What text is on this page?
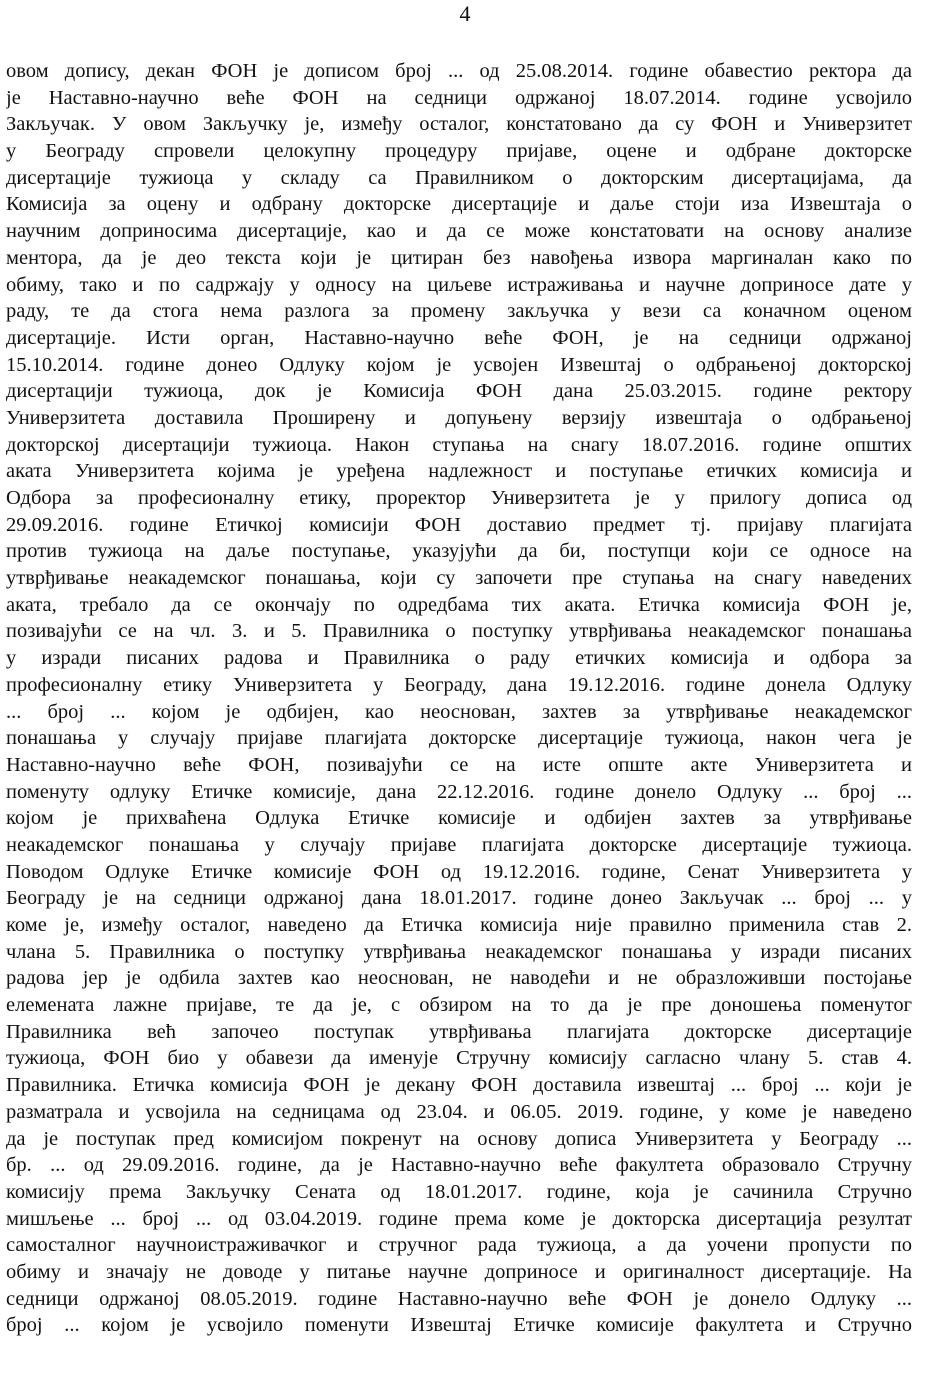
4
овом допису, декан ФОН је дописом број ... од 25.08.2014. године обавестио ректора да
је Наставно-научно веће ФОН на седници одржаној 18.07.2014. године усвојило
Закључак. У овом Закључку је, између осталог, констатовано да су ФОН и Универзитет
у Београду спровели целокупну процедуру пријаве, оцене и одбране докторске
дисертације тужиоца у складу са Правилником о докторским дисертацијама, да
Комисија за оцену и одбрану докторске дисертације и даље стоји иза Извештаја о
научним доприносима дисертације, као и да се може констатовати на основу анализе
ментора, да је део текста који је цитиран без навођења извора маргиналан како по
обиму, тако и по садржају у односу на циљеве истраживања и научне доприносе дате у
раду, те да стога нема разлога за промену закључка у вези са коначном оценом
дисертације. Исти орган, Наставно-научно веће ФОН, је на седници одржаној
15.10.2014. године донео Одлуку којом је усвојен Извештај о одбрањеној докторској
дисертацији тужиоца, док је Комисија ФОН дана 25.03.2015. године ректору
Универзитета доставила Проширену и допуњену верзију извештаја о одбрањеној
докторској дисертацији тужиоца. Након ступања на снагу 18.07.2016. године општих
аката Универзитета којима је уређена надлежност и поступање етичких комисија и
Одбора за професионалну етику, проректор Универзитета је у прилогу дописа од
29.09.2016. године Етичкој комисији ФОН доставио предмет тј. пријаву плагијата
против тужиоца на даље поступање, указујући да би, поступци који се односе на
утврђивање неакадемског понашања, који су започети пре ступања на снагу наведених
аката, требало да се окончају по одредбама тих аката. Етичка комисија ФОН је,
позивајући се на чл. 3. и 5. Правилника о поступку утврђивања неакадемског понашања
у изради писаних радова и Правилника о раду етичких комисија и одбора за
професионалну етику Универзитета у Београду, дана 19.12.2016. године донела Одлуку
... број ... којом је одбијен, као неоснован, захтев за утврђивање неакадемског
понашања у случају пријаве плагијата докторске дисертације тужиоца, након чега је
Наставно-научно веће ФОН, позивајући се на исте опште акте Универзитета и
поменуту одлуку Етичке комисије, дана 22.12.2016. године донело Одлуку ... број ...
којом је прихваћена Одлука Етичке комисије и одбијен захтев за утврђивање
неакадемског понашања у случају пријаве плагијата докторске дисертације тужиоца.
Поводом Одлуке Етичке комисије ФОН од 19.12.2016. године, Сенат Универзитета у
Београду је на седници одржаној дана 18.01.2017. године донео Закључак ... број ... у
коме је, између осталог, наведено да Етичка комисија није правилно применила став 2.
члана 5. Правилника о поступку утврђивања неакадемског понашања у изради писаних
радова јер је одбила захтев као неоснован, не наводећи и не образложивши постојање
елемената лажне пријаве, те да је, с обзиром на то да је пре доношења поменутог
Правилника већ започео поступак утврђивања плагијата докторске дисертације
тужиоца, ФОН био у обавези да именује Стручну комисију сагласно члану 5. став 4.
Правилника. Етичка комисија ФОН је декану ФОН доставила извештај ... број ... који је
разматрала и усвојила на седницама од 23.04. и 06.05. 2019. године, у коме је наведено
да је поступак пред комисијом покренут на основу дописа Универзитета у Београду ...
бр. ... од 29.09.2016. године, да је Наставно-научно веће факултета образовало Стручну
комисију према Закључку Сената од 18.01.2017. године, која је сачинила Стручно
мишљење ... број ... од 03.04.2019. године према коме је докторска дисертација резултат
самосталног научноистраживачког и стручног рада тужиоца, а да уочени пропусти по
обиму и значају не доводе у питање научне доприносе и оригиналност дисертације. На
седници одржаној 08.05.2019. године Наставно-научно веће ФОН је донело Одлуку ...
број ... којом је усвојило поменути Извештај Етичке комисије факултета и Стручно
